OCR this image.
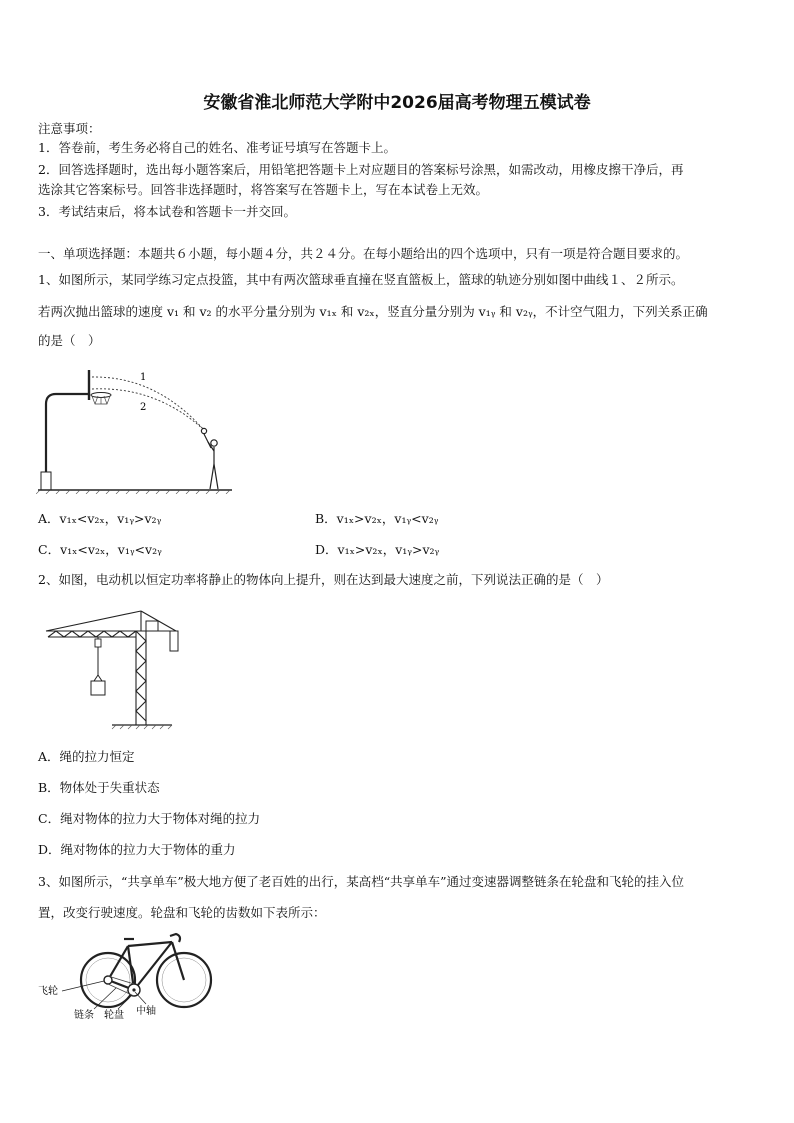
安徽省淮北师范大学附中2026届高考物理五模试卷
注意事项：
1．答卷前，考生务必将自己的姓名、准考证号填写在答题卡上。
2．回答选择题时，选出每小题答案后，用铅笔把答题卡上对应题目的答案标号涂黑，如需改动，用橡皮擦干净后，再
选涂其它答案标号。回答非选择题时，将答案写在答题卡上，写在本试卷上无效。
3．考试结束后，将本试卷和答题卡一并交回。
一、单项选择题：本题共６小题，每小题４分，共２４分。在每小题给出的四个选项中，只有一项是符合题目要求的。
1、如图所示，某同学练习定点投篮，其中有两次篮球垂直撞在竖直篮板上，篮球的轨迹分别如图中曲线１、２所示。
若两次抛出篮球的速度 v₁ 和 v₂ 的水平分量分别为 v₁ₓ 和 v₂ₓ，竖直分量分别为 v₁ᵧ 和 v₂ᵧ，不计空气阻力，下列关系正确
的是（　）
1
2
A．v₁ₓ<v₂ₓ，v₁ᵧ>v₂ᵧ	B．v₁ₓ>v₂ₓ，v₁ᵧ<v₂ᵧ
C．v₁ₓ<v₂ₓ，v₁ᵧ<v₂ᵧ	D．v₁ₓ>v₂ₓ，v₁ᵧ>v₂ᵧ
2、如图，电动机以恒定功率将静止的物体向上提升，则在达到最大速度之前，下列说法正确的是（　）
A．绳的拉力恒定
B．物体处于失重状态
C．绳对物体的拉力大于物体对绳的拉力
D．绳对物体的拉力大于物体的重力
3、如图所示，“共享单车”极大地方便了老百姓的出行，某高档“共享单车”通过变速器调整链条在轮盘和飞轮的挂入位
置，改变行驶速度。轮盘和飞轮的齿数如下表所示：
飞轮
链条 轮盘 中轴
